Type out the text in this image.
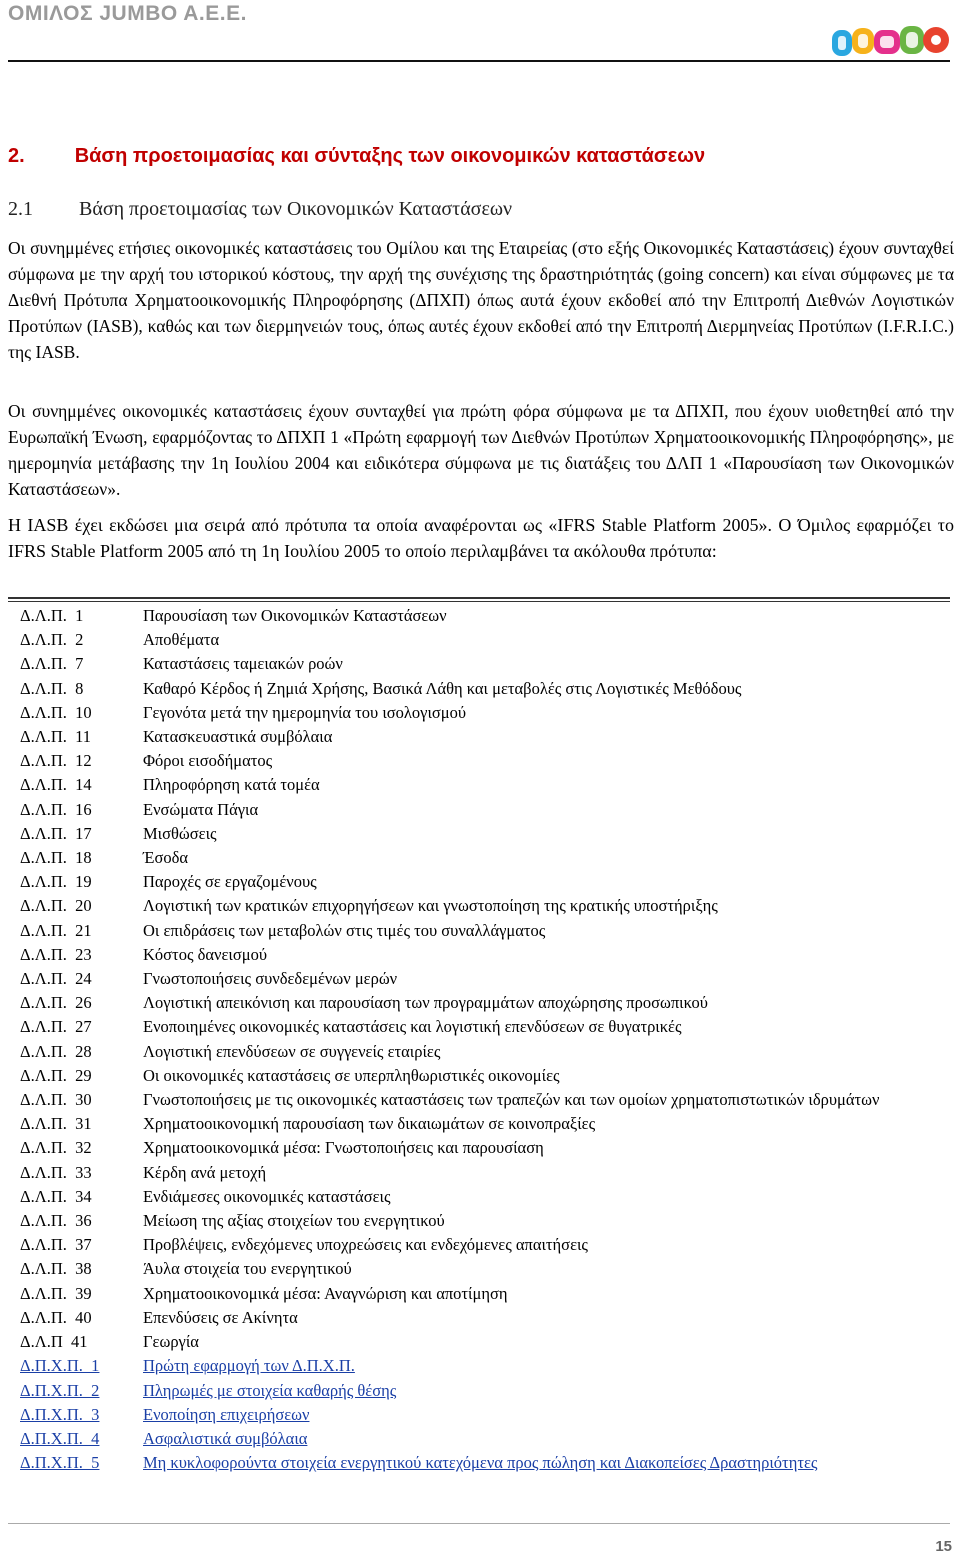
ΟΜΙΛΟΣ JUMBO A.E.E.
2.	Βάση προετοιμασίας και σύνταξης των οικονομικών καταστάσεων
2.1 Βάση προετοιμασίας των Οικονομικών Καταστάσεων
Οι συνημμένες ετήσιες οικονομικές καταστάσεις του Ομίλου και της Εταιρείας (στο εξής Οικονομικές Καταστάσεις) έχουν συνταχθεί σύμφωνα με την αρχή του ιστορικού κόστους, την αρχή της συνέχισης της δραστηριότητάς (going concern) και είναι σύμφωνες με τα Διεθνή Πρότυπα Χρηματοοικονομικής Πληροφόρησης (ΔΠΧΠ) όπως αυτά έχουν εκδοθεί από την Επιτροπή Διεθνών Λογιστικών Προτύπων (IASB), καθώς και των διερμηνειών τους, όπως αυτές έχουν εκδοθεί από την Επιτροπή Διερμηνείας Προτύπων (I.F.R.I.C.) της IASB.
Οι συνημμένες οικονομικές καταστάσεις έχουν συνταχθεί για πρώτη φόρα σύμφωνα με τα ΔΠΧΠ, που έχουν υιοθετηθεί από την Ευρωπαϊκή Ένωση, εφαρμόζοντας το ΔΠΧΠ 1 «Πρώτη εφαρμογή των Διεθνών Προτύπων Χρηματοοικονομικής Πληροφόρησης», με ημερομηνία μετάβασης την 1η Ιουλίου 2004 και ειδικότερα σύμφωνα με τις διατάξεις του ΔΛΠ 1 «Παρουσίαση των Οικονομικών Καταστάσεων».
Η IASB έχει εκδώσει μια σειρά από πρότυπα τα οποία αναφέρονται ως «IFRS Stable Platform 2005». Ο Όμιλος εφαρμόζει το IFRS Stable Platform 2005 από τη 1η Ιουλίου 2005 το οποίο περιλαμβάνει τα ακόλουθα πρότυπα:
Δ.Λ.Π.  1	Παρουσίαση των Οικονομικών Καταστάσεων
Δ.Λ.Π.  2	Αποθέματα
Δ.Λ.Π.  7	Καταστάσεις ταμειακών ροών
Δ.Λ.Π.  8	Καθαρό Κέρδος ή Ζημιά Χρήσης, Βασικά Λάθη και μεταβολές στις Λογιστικές Μεθόδους
Δ.Λ.Π.  10	Γεγονότα μετά την ημερομηνία του ισολογισμού
Δ.Λ.Π.  11	Κατασκευαστικά συμβόλαια
Δ.Λ.Π.  12	Φόροι εισοδήματος
Δ.Λ.Π.  14	Πληροφόρηση κατά τομέα
Δ.Λ.Π.  16	Ενσώματα Πάγια
Δ.Λ.Π.  17	Μισθώσεις
Δ.Λ.Π.  18	Έσοδα
Δ.Λ.Π.  19	Παροχές σε εργαζομένους
Δ.Λ.Π.  20	Λογιστική των κρατικών επιχορηγήσεων και γνωστοποίηση της κρατικής υποστήριξης
Δ.Λ.Π.  21	Οι επιδράσεις των μεταβολών στις τιμές του συναλλάγματος
Δ.Λ.Π.  23	Κόστος δανεισμού
Δ.Λ.Π.  24	Γνωστοποιήσεις συνδεδεμένων μερών
Δ.Λ.Π.  26	Λογιστική απεικόνιση και παρουσίαση των προγραμμάτων αποχώρησης προσωπικού
Δ.Λ.Π.  27	Ενοποιημένες οικονομικές καταστάσεις και λογιστική επενδύσεων σε θυγατρικές
Δ.Λ.Π.  28	Λογιστική επενδύσεων σε συγγενείς εταιρίες
Δ.Λ.Π.  29	Οι οικονομικές καταστάσεις σε υπερπληθωριστικές οικονομίες
Δ.Λ.Π.  30	Γνωστοποιήσεις με τις οικονομικές καταστάσεις των τραπεζών και των ομοίων χρηματοπιστωτικών ιδρυμάτων
Δ.Λ.Π.  31	Χρηματοοικονομική παρουσίαση των δικαιωμάτων σε κοινοπραξίες
Δ.Λ.Π.  32	Χρηματοοικονομικά μέσα: Γνωστοποιήσεις και παρουσίαση
Δ.Λ.Π.  33	Κέρδη ανά μετοχή
Δ.Λ.Π.  34	Ενδιάμεσες οικονομικές καταστάσεις
Δ.Λ.Π.  36	Μείωση της αξίας στοιχείων του ενεργητικού
Δ.Λ.Π.  37	Προβλέψεις, ενδεχόμενες υποχρεώσεις και ενδεχόμενες απαιτήσεις
Δ.Λ.Π.  38	Άυλα στοιχεία του ενεργητικού
Δ.Λ.Π.  39	Χρηματοοικονομικά μέσα: Αναγνώριση και αποτίμηση
Δ.Λ.Π.  40	Επενδύσεις σε Ακίνητα
Δ.Λ.Π  41	Γεωργία
Δ.Π.Χ.Π.  1	Πρώτη εφαρμογή των Δ.Π.Χ.Π.
Δ.Π.Χ.Π.  2	Πληρωμές με στοιχεία καθαρής θέσης
Δ.Π.Χ.Π.  3	Ενοποίηση επιχειρήσεων
Δ.Π.Χ.Π.  4	Ασφαλιστικά συμβόλαια
Δ.Π.Χ.Π.  5	Μη κυκλοφορούντα στοιχεία ενεργητικού κατεχόμενα προς πώληση και Διακοπείσες Δραστηριότητες
15
